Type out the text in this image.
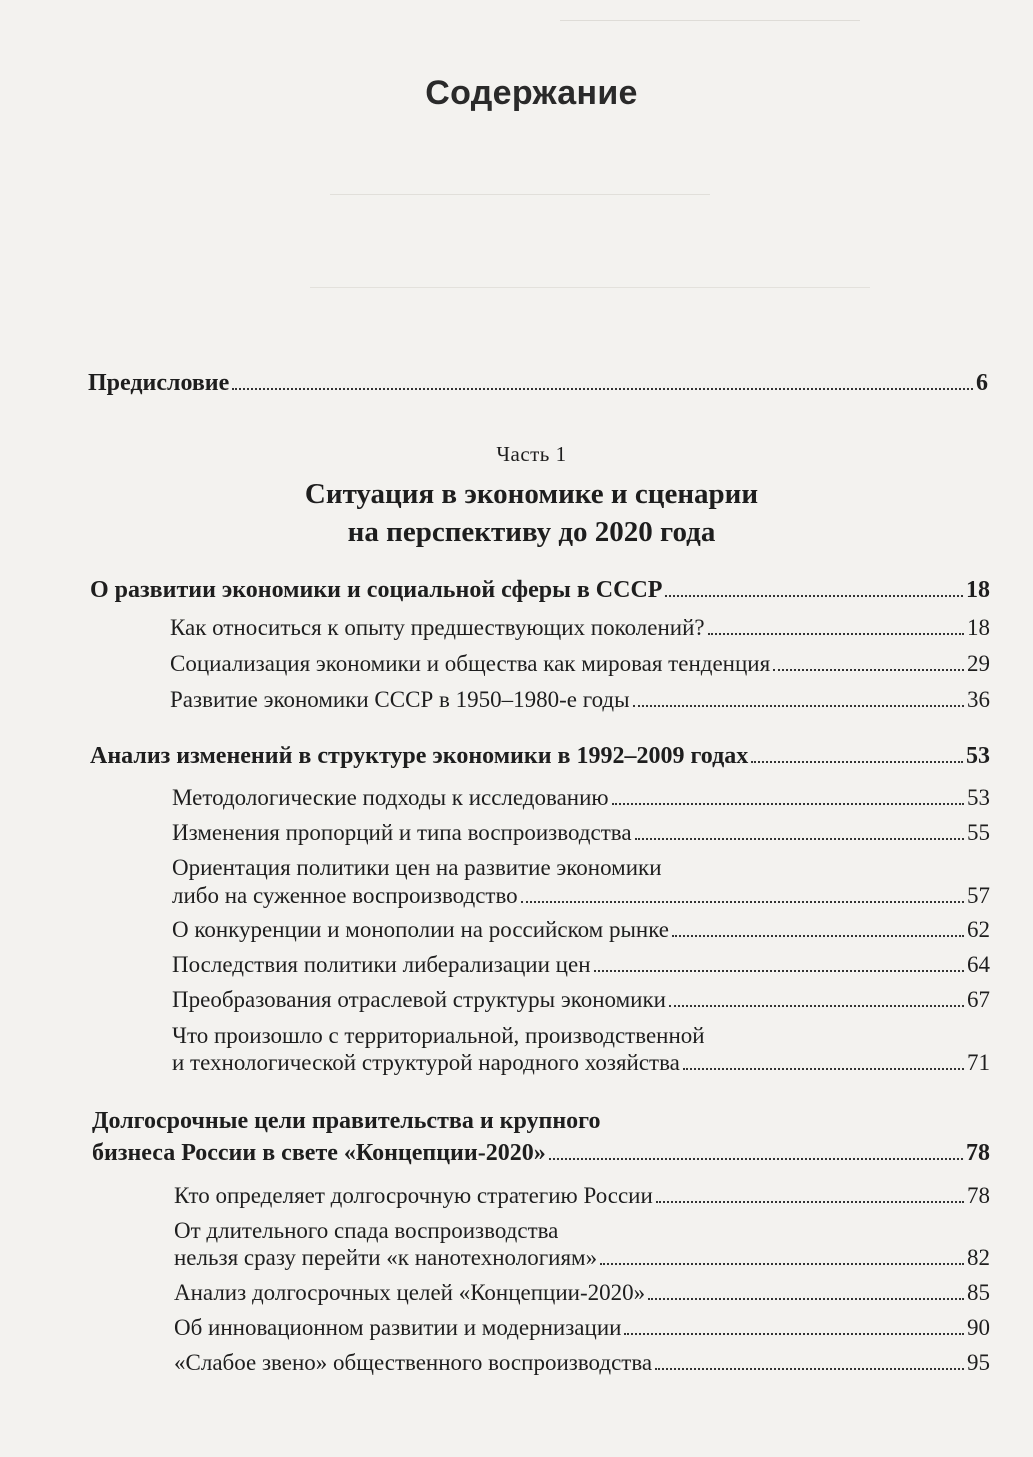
Содержание
Предисловие	6
Часть 1
Ситуация в экономике и сценарии
на перспективу до 2020 года
О развитии экономики и социальной сферы в СССР	18
Как относиться к опыту предшествующих поколений?	18
Социализация экономики и общества как мировая тенденция	29
Развитие экономики СССР в 1950–1980-е годы	36
Анализ изменений в структуре экономики в 1992–2009 годах	53
Методологические подходы к исследованию	53
Изменения пропорций и типа воспроизводства	55
Ориентация политики цен на развитие экономики
либо на суженное воспроизводство	57
О конкуренции и монополии на российском рынке	62
Последствия политики либерализации цен	64
Преобразования отраслевой структуры экономики	67
Что произошло с территориальной, производственной
и технологической структурой народного хозяйства	71
Долгосрочные цели правительства и крупного
бизнеса России в свете «Концепции-2020»	78
Кто определяет долгосрочную стратегию России	78
От длительного спада воспроизводства
нельзя сразу перейти «к нанотехнологиям»	82
Анализ долгосрочных целей «Концепции-2020»	85
Об инновационном развитии и модернизации	90
«Слабое звено» общественного воспроизводства	95
